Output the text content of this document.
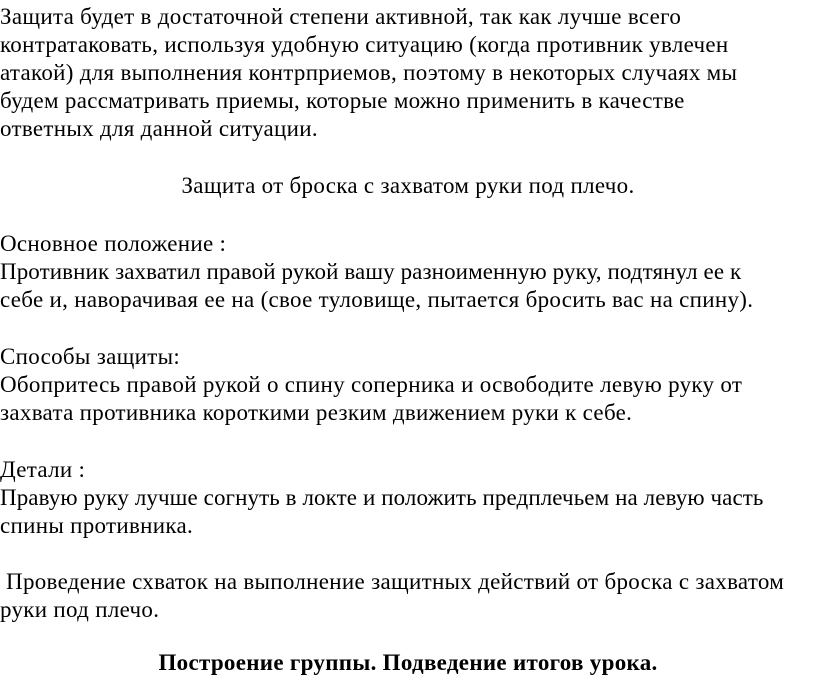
Защита будет в достаточной степени активной, так как лучше всего
контратаковать, используя удобную ситуацию (когда противник увлечен
атакой) для выполнения контрприемов, поэтому в некоторых случаях мы
будем рассматривать приемы, которые можно применить в качестве
ответных для данной ситуации.

Защита от броска с захватом руки под плечо.

Основное положение :
Противник захватил правой рукой вашу разноименную руку, подтянул ее к
себе и, наворачивая ее на (свое туловище, пытается бросить вас на спину).

Способы защиты:
Обопритесь правой рукой о спину соперника и освободите левую руку от
захвата противника короткими резким движением руки к себе.

Детали :
Правую руку лучше согнуть в локте и положить предплечьем на левую часть
спины противника.

Проведение схваток на выполнение защитных действий от броска с захватом
руки под плечо.

Построение группы. Подведение итогов урока.
